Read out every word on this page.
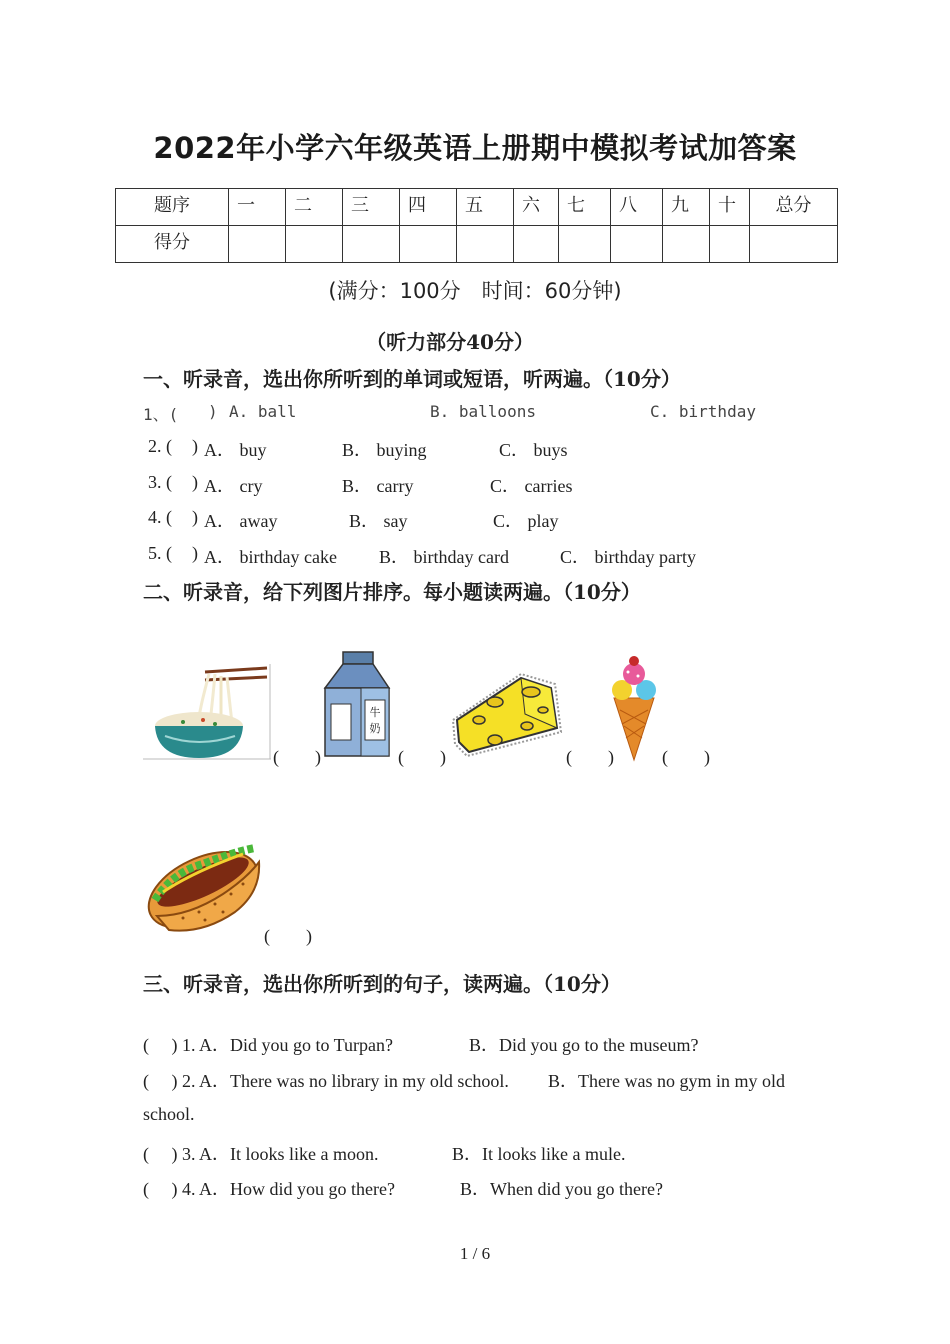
2022年小学六年级英语上册期中模拟考试加答案
题序	一	二	三	四	五	六	七	八	九	十	总分

得分											

(满分：100分　时间：60分钟)
（听力部分40分）
一、听录音，选出你所听到的单词或短语，听两遍。（10分）
1、( ) A. ball	B. balloons	C. birthday
2. ( ) A． buy	B． buying	C． buys
3. ( ) A． cry	B． carry	C． carries
4. ( ) A． away	B． say	C． play
5. ( ) A． birthday cake B． birthday card	C． birthday party
二、听录音，给下列图片排序。每小题读两遍。（10分）
(　　)
牛
奶
(　　)	(　　)	(　　)
(　　)
三、听录音，选出你所听到的句子，读两遍。（10分）
(　 ) 1. A．Did you go to Turpan?	B．Did you go to the museum?
(　 ) 2. A．There was no library in my old school. B．There was no gym in my old
school.
(　 ) 3. A．It looks like a moon.	B．It looks like a mule.
(　 ) 4. A．How did you go there?	B．When did you go there?
1 / 6
